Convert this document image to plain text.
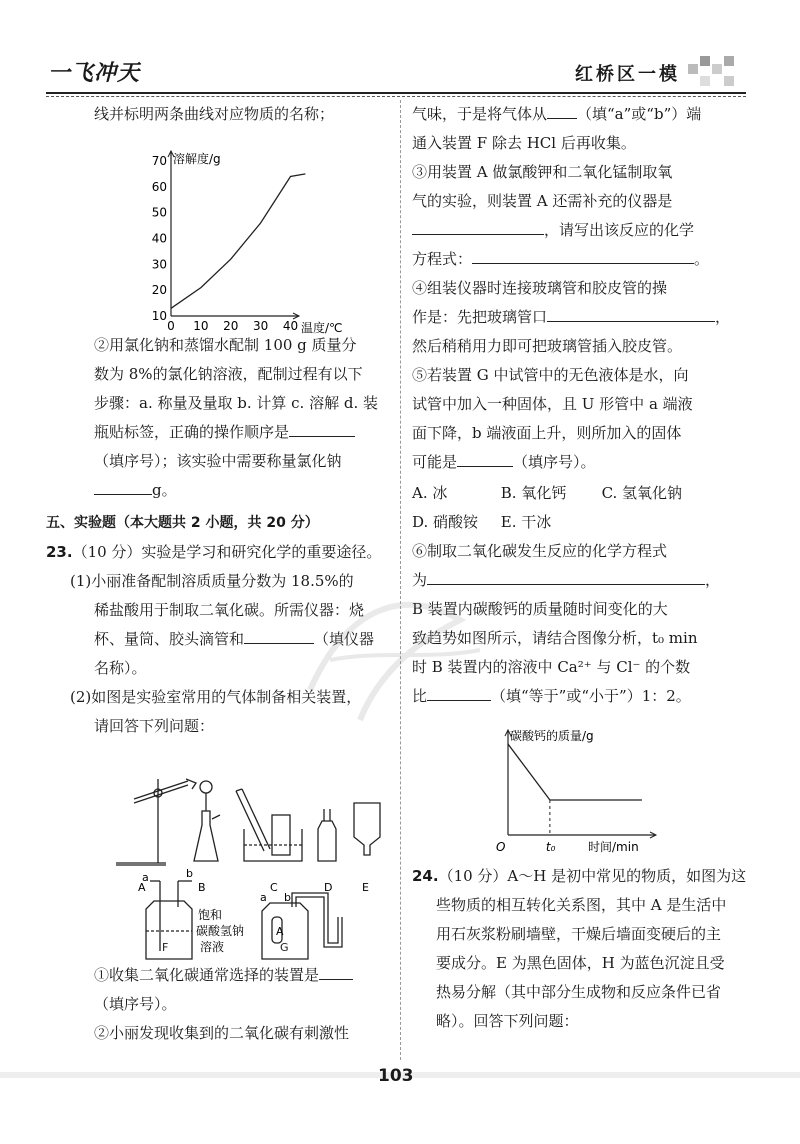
一飞冲天	红桥区一模
线并标明两条曲线对应物质的名称；
10
20
30
40
50
60
70
0 10 20 30 40
溶解度/g
温度/℃
②用氯化钠和蒸馏水配制 100 g 质量分
数为 8%的氯化钠溶液，配制过程有以下
步骤：a. 称量及量取 b. 计算 c. 溶解 d. 装
瓶贴标签，正确的操作顺序是
（填序号）；该实验中需要称量氯化钠
g。
五、实验题（本大题共 2 小题，共 20 分）
23.（10 分）实验是学习和研究化学的重要途径。
(1)小丽准备配制溶质质量分数为 18.5%的
稀盐酸用于制取二氧化碳。所需仪器：烧
杯、量筒、胶头滴管和	（填仪器
名称）。
(2)如图是实验室常用的气体制备相关装置，
请回答下列问题：
A	B	C	D	E
a	b
a b
A
饱和
碳酸氢钠
溶液
F	G
①收集二氧化碳通常选择的装置是
（填序号）。
②小丽发现收集到的二氧化碳有刺激性
气味，于是将气体从 （填“a”或“b”）端
通入装置 F 除去 HCl 后再收集。
③用装置 A 做氯酸钾和二氧化锰制取氧
气的实验，则装置 A 还需补充的仪器是
，请写出该反应的化学
方程式：	。
④组装仪器时连接玻璃管和胶皮管的操
作是：先把玻璃管口	，
然后稍稍用力即可把玻璃管插入胶皮管。
⑤若装置 G 中试管中的无色液体是水，向
试管中加入一种固体，且 U 形管中 a 端液
面下降，b 端液面上升，则所加入的固体
可能是	（填序号）。
A. 冰	B. 氧化钙 C. 氢氧化钠
D. 硝酸铵 E. 干冰
⑥制取二氧化碳发生反应的化学方程式
为	，
B 装置内碳酸钙的质量随时间变化的大
致趋势如图所示，请结合图像分析，t₀ min
时 B 装置内的溶液中 Ca²⁺ 与 Cl⁻ 的个数
比	（填“等于”或“小于”）1：2。
碳酸钙的质量/g
时间/min
O	t₀
24.（10 分）A～H 是初中常见的物质，如图为这
些物质的相互转化关系图，其中 A 是生活中
用石灰浆粉刷墙壁，干燥后墙面变硬后的主
要成分。E 为黑色固体，H 为蓝色沉淀且受
热易分解（其中部分生成物和反应条件已省
略）。回答下列问题：
103
